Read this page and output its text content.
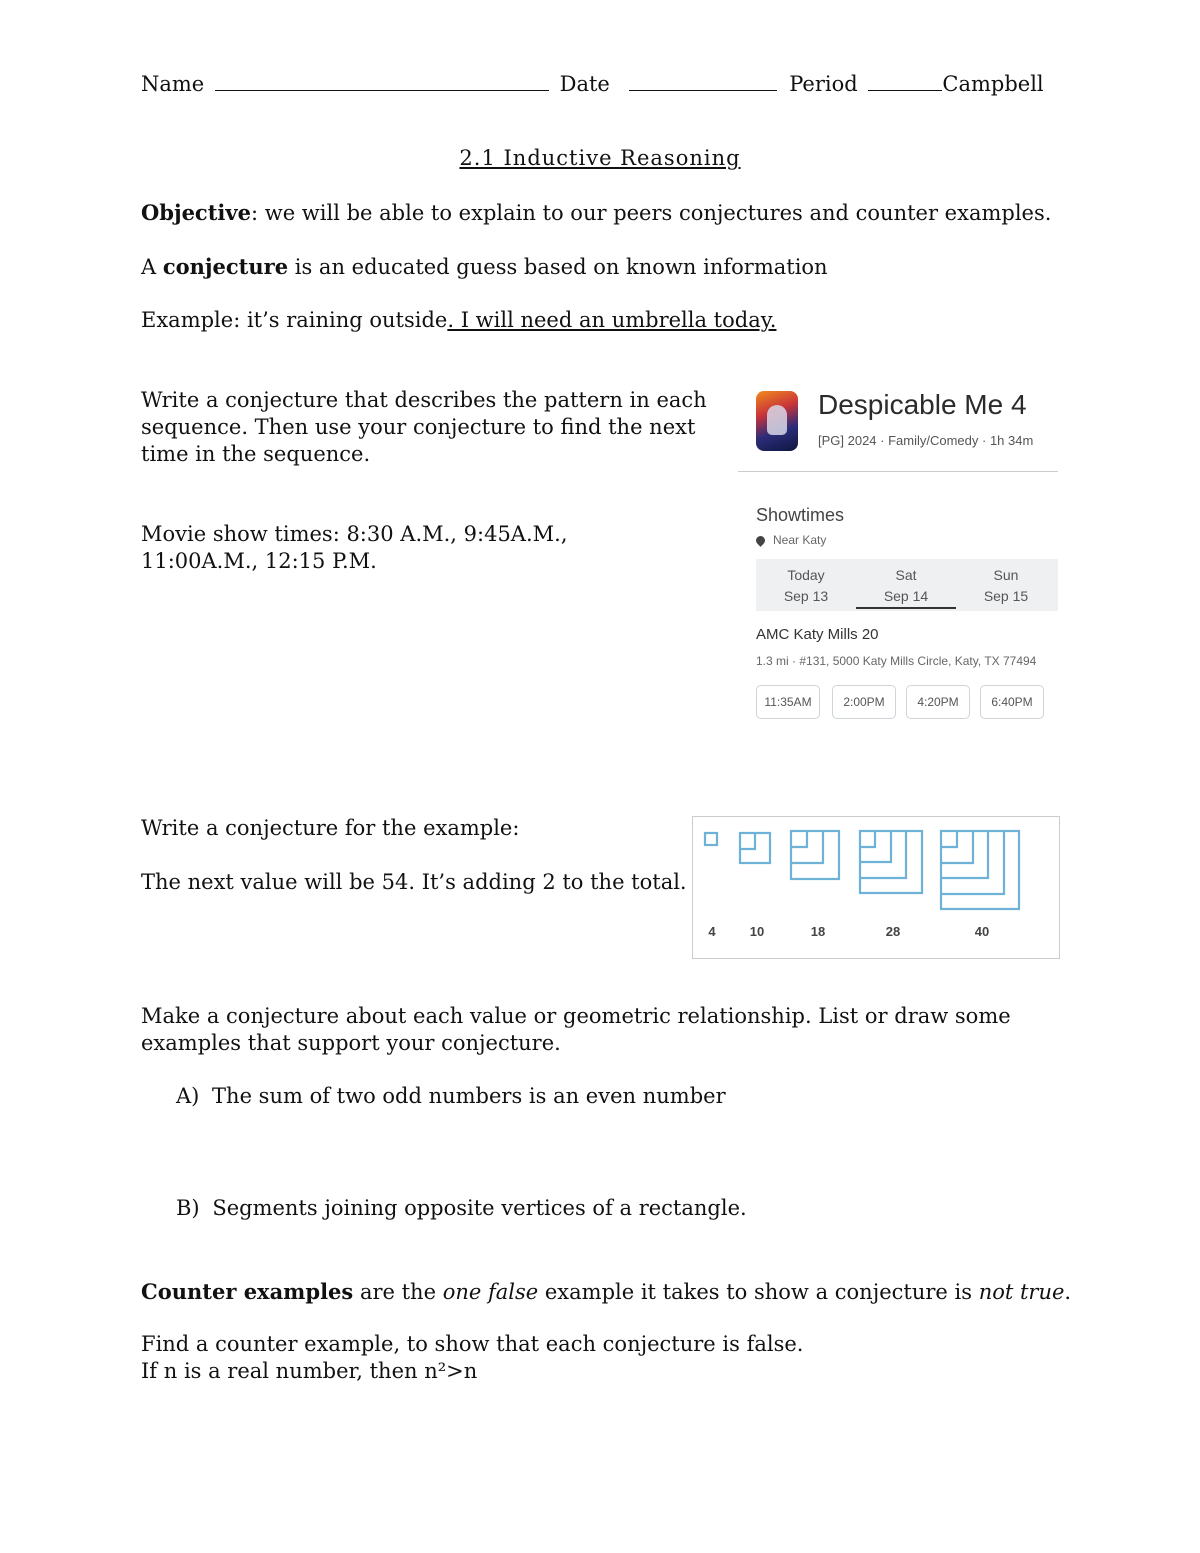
Name	Date	Period	Campbell
2.1 Inductive Reasoning
Objective: we will be able to explain to our peers conjectures and counter examples.
A conjecture is an educated guess based on known information
Example: it’s raining outside. I will need an umbrella today.
Write a conjecture that describes the pattern in each
sequence. Then use your conjecture to find the next
time in the sequence.
Movie show times: 8:30 A.M., 9:45A.M.,
11:00A.M., 12:15 P.M.
Despicable Me 4
[PG] 2024 · Family/Comedy · 1h 34m
Showtimes
Near Katy
Today
Sep 13
Sat
Sep 14
Sun
Sep 15
AMC Katy Mills 20
1.3 mi · #131, 5000 Katy Mills Circle, Katy, TX 77494
11:35AM	2:00PM	4:20PM	6:40PM
Write a conjecture for the example:
The next value will be 54. It’s adding 2 to the total.
4	10	18	28	40
Make a conjecture about each value or geometric relationship. List or draw some
examples that support your conjecture.
A) The sum of two odd numbers is an even number
B) Segments joining opposite vertices of a rectangle.
Counter examples are the one false example it takes to show a conjecture is not true.
Find a counter example, to show that each conjecture is false.
If n is a real number, then n²>n
